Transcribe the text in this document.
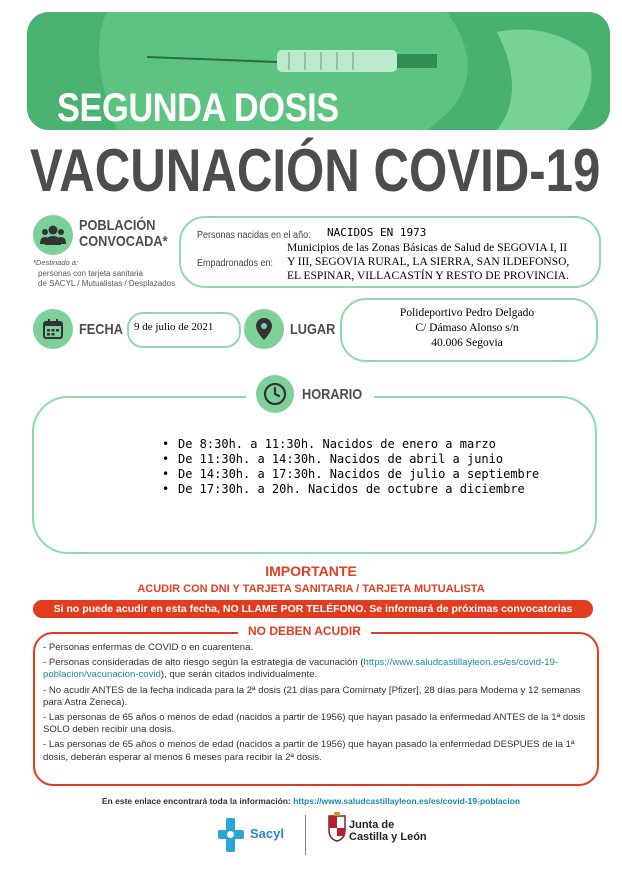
SEGUNDA DOSIS
VACUNACIÓN COVID-19
POBLACIÓN
CONVOCADA*
*Destinado a:
personas con tarjeta sanitaria
de SACYL / Mutualistas / Desplazados
Personas nacidas en el año: NACIDOS EN 1973
Empadronados en:
Municipios de las Zonas Básicas de Salud de SEGOVIA I, II
Y III, SEGOVIA RURAL, LA SIERRA, SAN ILDEFONSO,
EL ESPINAR, VILLACASTÍN Y RESTO DE PROVINCIA.
FECHA 9 de julio de 2021	LUGAR
Polideportivo Pedro Delgado
C/ Dámaso Alonso s/n
40.006 Segovia
HORARIO
• De 8:30h. a 11:30h. Nacidos de enero a marzo
• De 11:30h. a 14:30h. Nacidos de abril a junio
• De 14:30h. a 17:30h. Nacidos de julio a septiembre
• De 17:30h. a 20h. Nacidos de octubre a diciembre
IMPORTANTE
ACUDIR CON DNI Y TARJETA SANITARIA / TARJETA MUTUALISTA
Si no puede acudir en esta fecha, NO LLAME POR TELÉFONO. Se informará de próximas convocatorias
NO DEBEN ACUDIR
- Personas enfermas de COVID o en cuarentena.
- Personas consideradas de alto riesgo según la estrategia de vacunación (https://www.saludcastillayleon.es/es/covid-19-poblacion/vacunacion-covid), que serán citados individualmente.
- No acudir ANTES de la fecha indicada para la 2ª dosis (21 días para Comirnaty [Pfizer], 28 días para Moderna y 12 semanas para Astra Zeneca).
- Las personas de 65 años o menos de edad (nacidos a partir de 1956) que hayan pasado la enfermedad ANTES de la 1ª dosis SOLO deben recibir una dosis.
- Las personas de 65 años o menos de edad (nacidos a partir de 1956) que hayan pasado la enfermedad DESPUES de la 1ª dosis, deberán esperar al menos 6 meses para recibir la 2ª dosis.
En este enlace encontrará toda la información: https://www.saludcastillayleon.es/es/covid-19-poblacion
Sacyl
Junta de
Castilla y León
